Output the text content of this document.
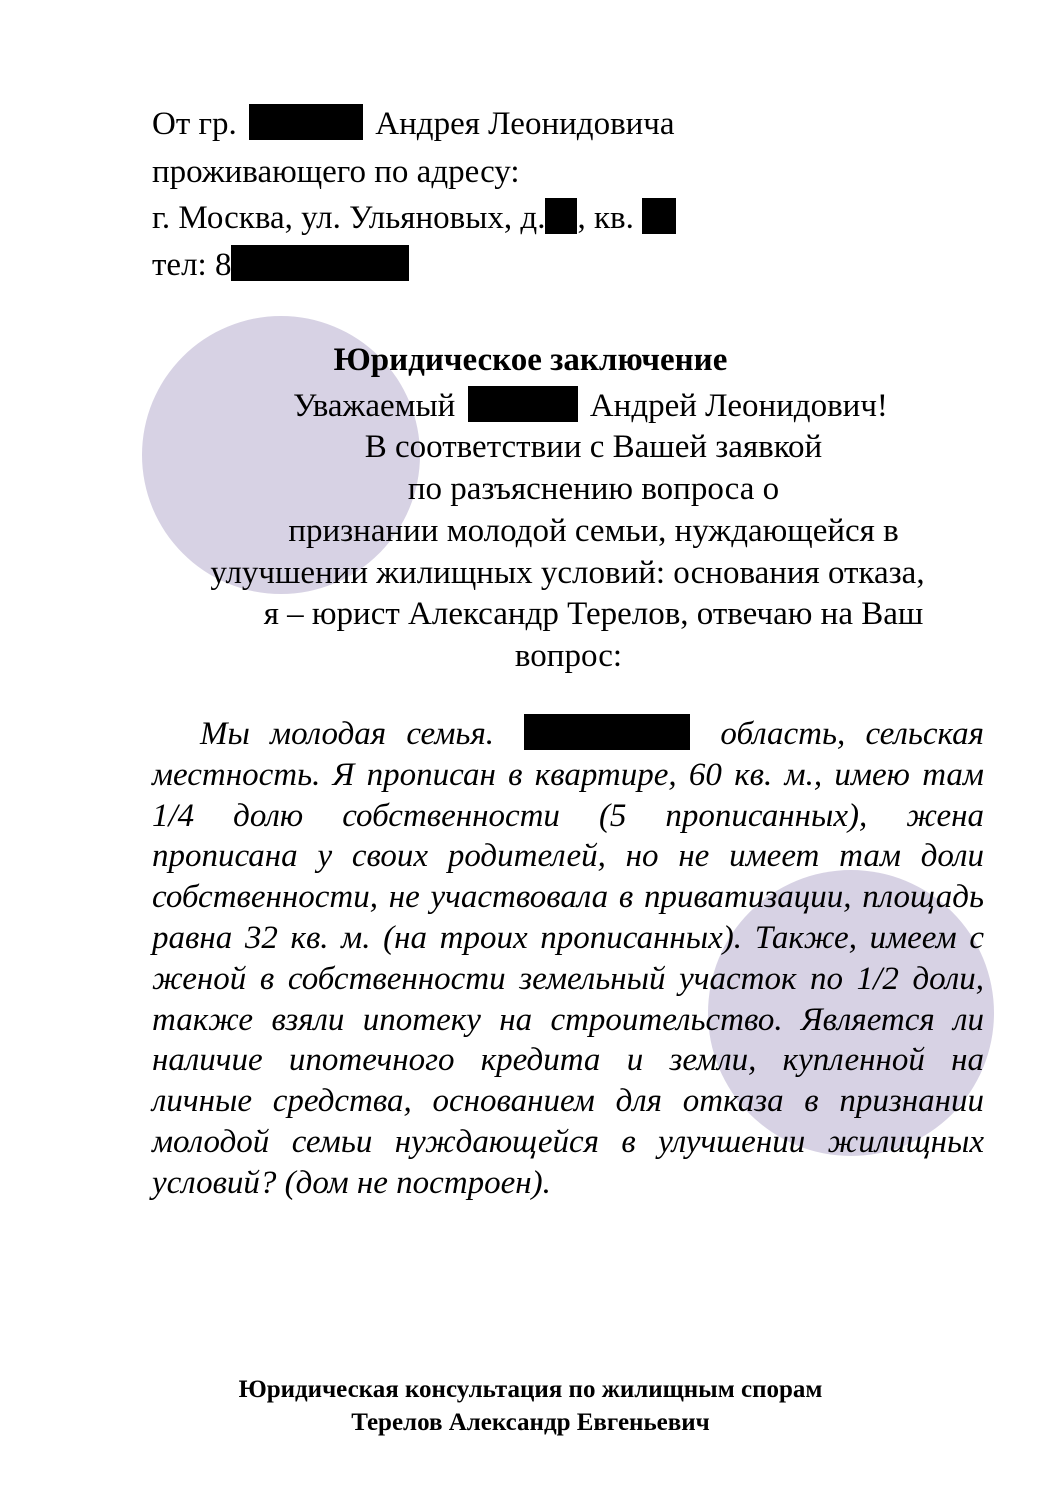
От гр.	Андрея Леонидовича
проживающего по адресу:
г. Москва, ул. Ульяновых, д. , кв.
тел: 8
Юридическое заключение
Уважаемый	Андрей Леонидович!
В соответствии с Вашей заявкой
по разъяснению вопроса о
признании молодой семьи, нуждающейся в
улучшении жилищных условий: основания отказа,
я – юрист Александр Терелов, отвечаю на Ваш
вопрос:
Мы молодая семья.	область, сельская местность. Я прописан в квартире, 60 кв. м., имею там 1/4 долю собственности (5 прописанных), жена прописана у своих родителей, но не имеет там доли собственности, не участвовала в приватизации, площадь равна 32 кв. м. (на троих прописанных). Также, имеем с женой в собственности земельный участок по 1/2 доли, также взяли ипотеку на строительство. Является ли наличие ипотечного кредита и земли, купленной на личные средства, основанием для отказа в признании молодой семьи нуждающейся в улучшении жилищных условий? (дом не построен).
Юридическая консультация по жилищным спорам
Терелов Александр Евгеньевич
